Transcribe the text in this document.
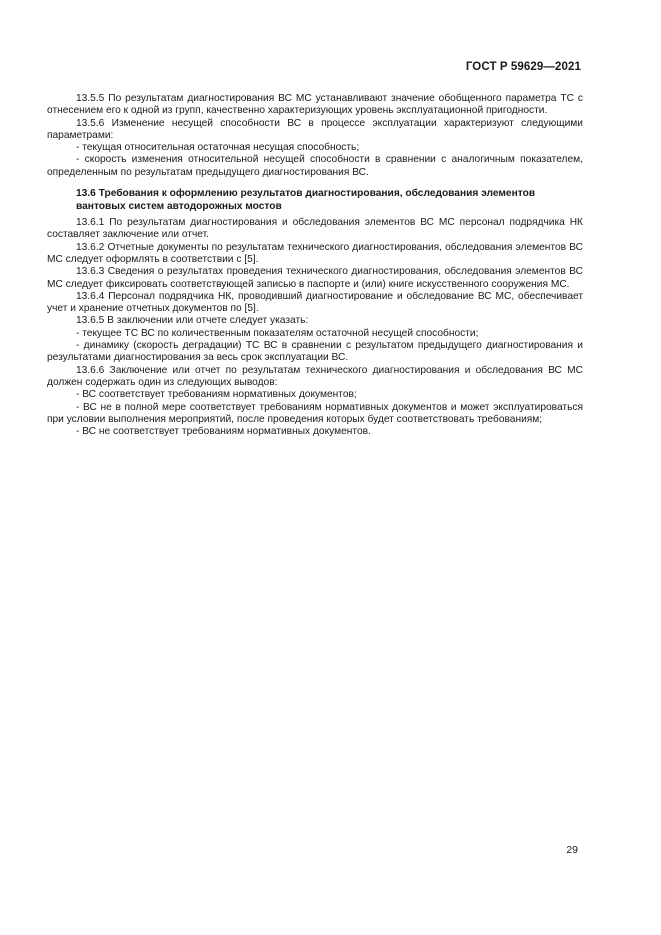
ГОСТ Р 59629—2021

13.5.5 По результатам диагностирования ВС МС устанавливают значение обобщенного параметра ТС с отнесением его к одной из групп, качественно характеризующих уровень эксплуатационной пригодности.

13.5.6 Изменение несущей способности ВС в процессе эксплуатации характеризуют следующими параметрами:

- текущая относительная остаточная несущая способность;

- скорость изменения относительной несущей способности в сравнении с аналогичным показателем, определенным по результатам предыдущего диагностирования ВС.

13.6 Требования к оформлению результатов диагностирования, обследования элементов вантовых систем автодорожных мостов

13.6.1 По результатам диагностирования и обследования элементов ВС МС персонал подрядчика НК составляет заключение или отчет.

13.6.2 Отчетные документы по результатам технического диагностирования, обследования элементов ВС МС следует оформлять в соответствии с [5].

13.6.3 Сведения о результатах проведения технического диагностирования, обследования элементов ВС МС следует фиксировать соответствующей записью в паспорте и (или) книге искусственного сооружения МС.

13.6.4 Персонал подрядчика НК, проводивший диагностирование и обследование ВС МС, обеспечивает учет и хранение отчетных документов по [5].

13.6.5 В заключении или отчете следует указать:

- текущее ТС ВС по количественным показателям остаточной несущей способности;

- динамику (скорость деградации) ТС ВС в сравнении с результатом предыдущего диагностирования и результатами диагностирования за весь срок эксплуатации ВС.

13.6.6 Заключение или отчет по результатам технического диагностирования и обследования ВС МС должен содержать один из следующих выводов:

- ВС соответствует требованиям нормативных документов;

- ВС не в полной мере соответствует требованиям нормативных документов и может эксплуатироваться при условии выполнения мероприятий, после проведения которых будет соответствовать требованиям;

- ВС не соответствует требованиям нормативных документов.

29
